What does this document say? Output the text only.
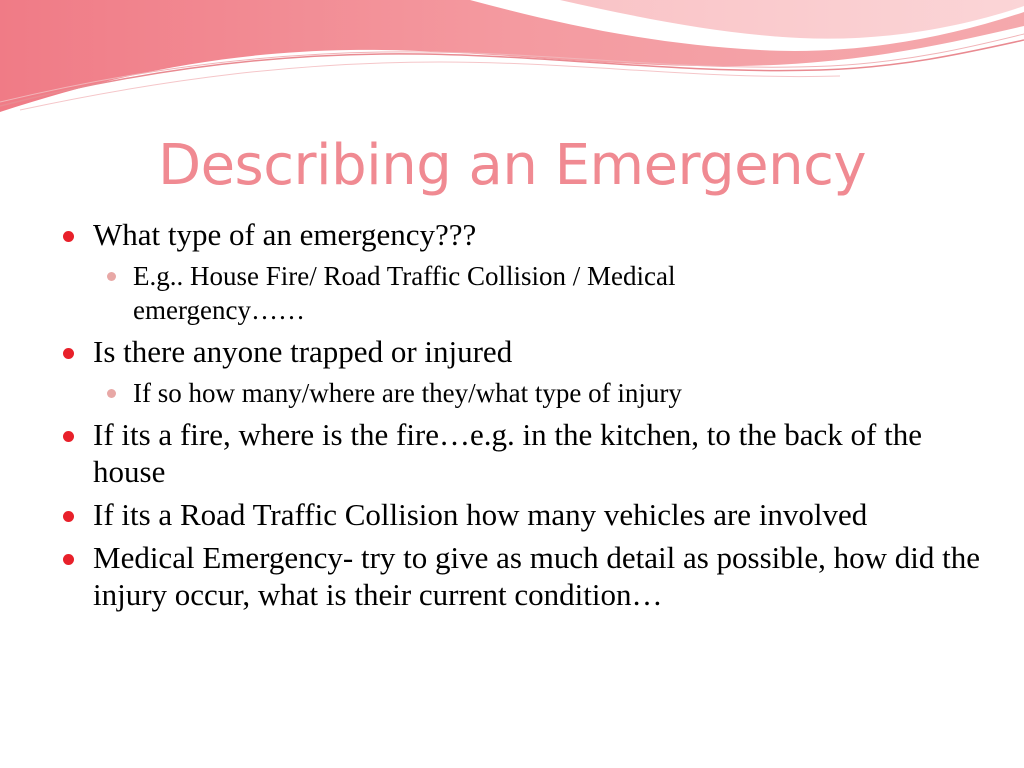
Describing an Emergency
What type of an emergency???
E.g.. House Fire/ Road Traffic Collision / Medical emergency……
Is there anyone trapped or injured
If so how many/where are they/what type of injury
If its a fire, where is the fire…e.g. in the kitchen, to the back of the house
If its a Road Traffic Collision how many vehicles are involved
Medical Emergency- try to give as much detail as possible, how did the injury occur, what is their current condition…
